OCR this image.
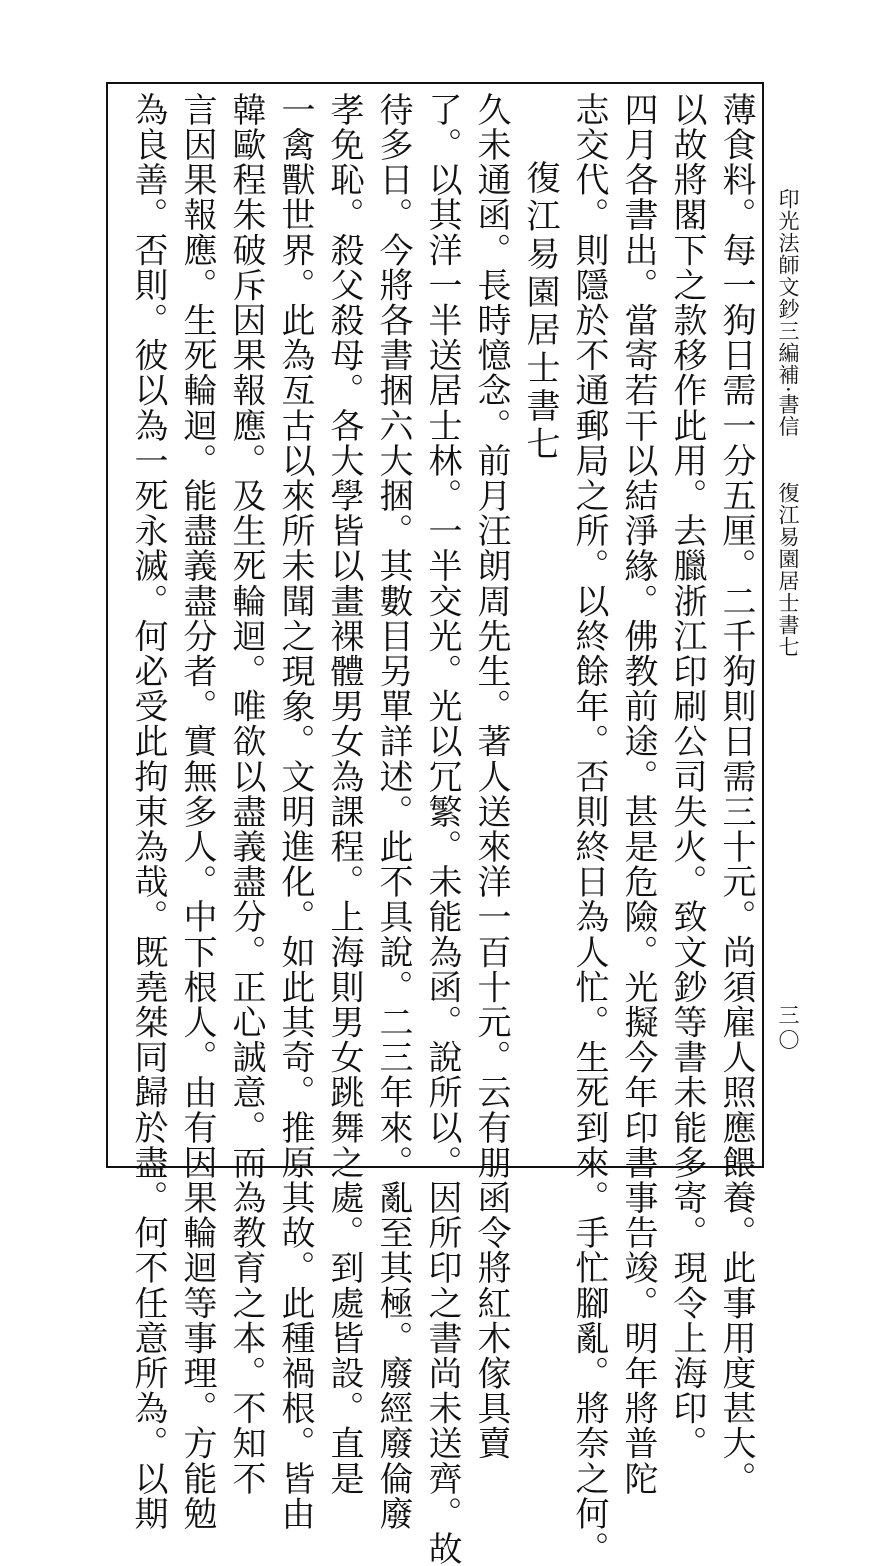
印光法師文鈔三編補·書信復江易園居士書七
三〇
薄食料。每一狗日需一分五厘。二千狗則日需三十元。尚須雇人照應餵養。此事用度甚大。
以故將閣下之款移作此用。去臘浙江印刷公司失火。致文鈔等書未能多寄。現令上海印。
四月各書出。當寄若干以結淨緣。佛教前途。甚是危險。光擬今年印書事告竣。明年將普陀
志交代。則隱於不通郵局之所。以終餘年。否則終日為人忙。生死到來。手忙腳亂。將奈之何。
復江易園居士書七
久未通函。長時憶念。前月汪朗周先生。著人送來洋一百十元。云有朋函令將紅木傢具賣
了。以其洋一半送居士林。一半交光。光以冗繁。未能為函。說所以。因所印之書尚未送齊。故
待多日。今將各書捆六大捆。其數目另單詳述。此不具說。二三年來。亂至其極。廢經廢倫廢
孝免恥。殺父殺母。各大學皆以畫裸體男女為課程。上海則男女跳舞之處。到處皆設。直是
一禽獸世界。此為亙古以來所未聞之現象。文明進化。如此其奇。推原其故。此種禍根。皆由
韓歐程朱破斥因果報應。及生死輪迴。唯欲以盡義盡分。正心誠意。而為教育之本。不知不
言因果報應。生死輪迴。能盡義盡分者。實無多人。中下根人。由有因果輪迴等事理。方能勉
為良善。否則。彼以為一死永滅。何必受此拘束為哉。既堯桀同歸於盡。何不任意所為。以期
